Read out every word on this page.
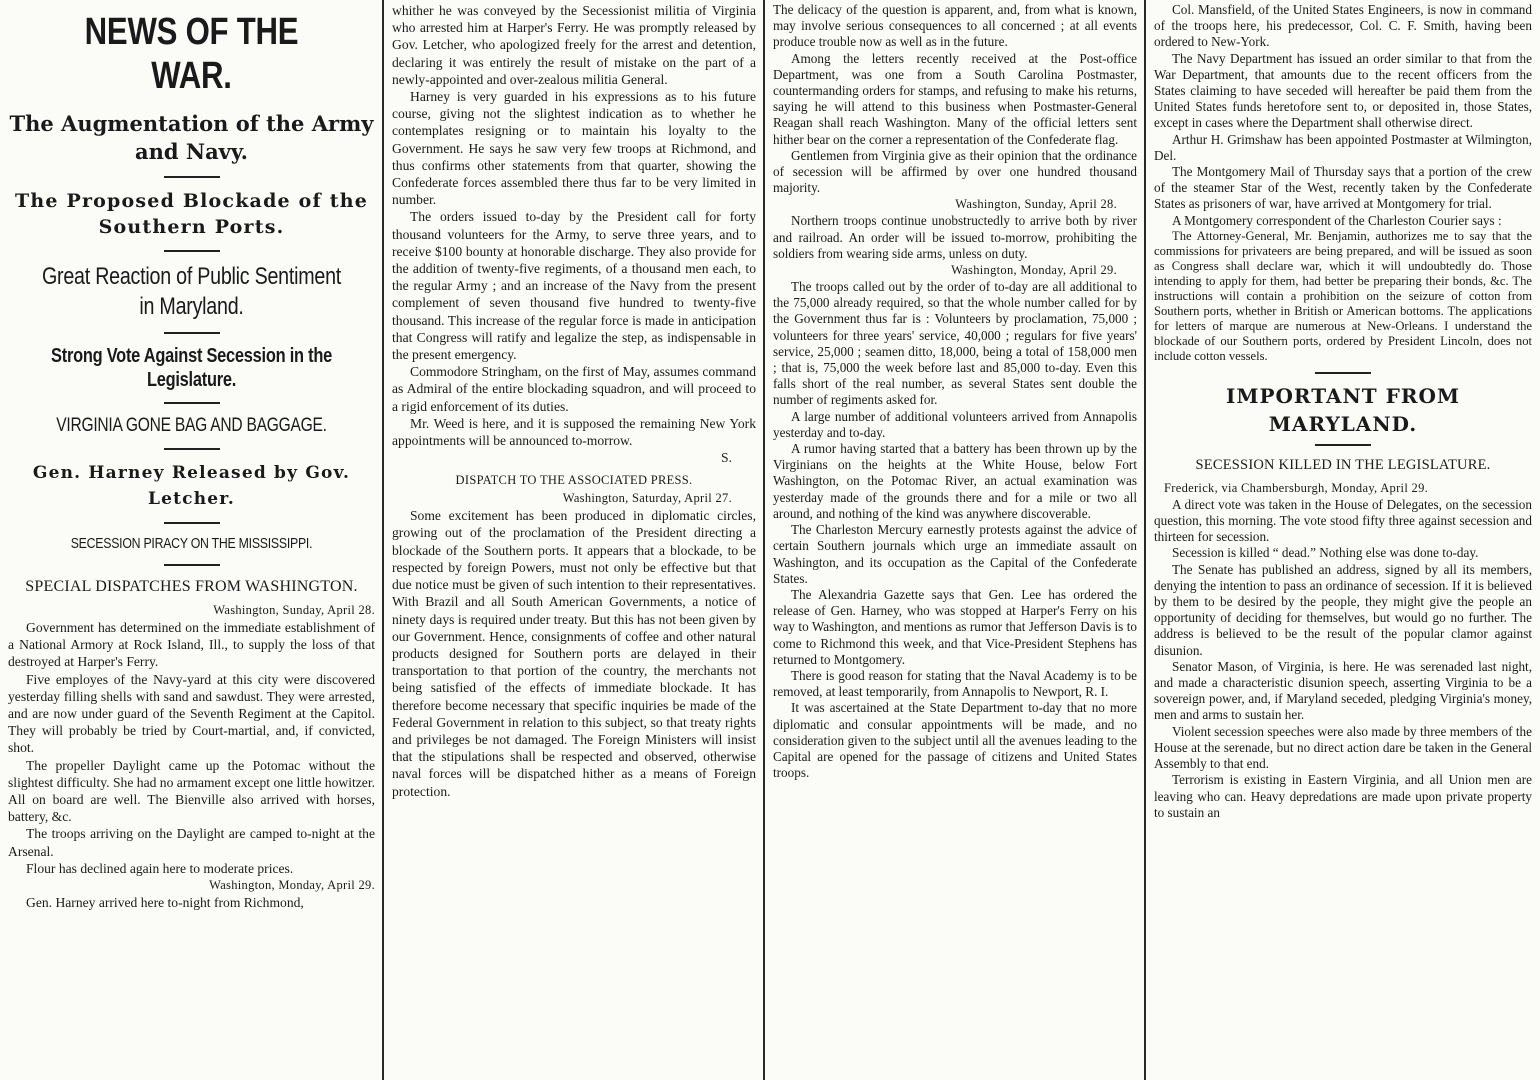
NEWS OF THE WAR.
The Augmentation of the Army and Navy.
The Proposed Blockade of the Southern Ports.
Great Reaction of Public Sentiment in Maryland.
Strong Vote Against Secession in the Legislature.
VIRGINIA GONE BAG AND BAGGAGE.
Gen. Harney Released by Gov. Letcher.
SECESSION PIRACY ON THE MISSISSIPPI.
SPECIAL DISPATCHES FROM WASHINGTON.
Washington, Sunday, April 28.

Government has determined on the immediate establishment of a National Armory at Rock Island, Ill., to supply the loss of that destroyed at Harper's Ferry.

Five employes of the Navy-yard at this city were discovered yesterday filling shells with sand and sawdust. They were arrested, and are now under guard of the Seventh Regiment at the Capitol. They will probably be tried by Court-martial, and, if convicted, shot.

The propeller Daylight came up the Potomac without the slightest difficulty. She had no armament except one little howitzer. All on board are well. The Bienville also arrived with horses, battery, &c.

The troops arriving on the Daylight are camped to-night at the Arsenal.

Flour has declined again here to moderate prices.

Washington, Monday, April 29.

Gen. Harney arrived here to-night from Richmond,

whither he was conveyed by the Secessionist militia of Virginia who arrested him at Harper's Ferry. He was promptly released by Gov. Letcher, who apologized freely for the arrest and detention, declaring it was entirely the result of mistake on the part of a newly-appointed and over-zealous militia General.

Harney is very guarded in his expressions as to his future course, giving not the slightest indication as to whether he contemplates resigning or to maintain his loyalty to the Government. He says he saw very few troops at Richmond, and thus confirms other statements from that quarter, showing the Confederate forces assembled there thus far to be very limited in number.

The orders issued to-day by the President call for forty thousand volunteers for the Army, to serve three years, and to receive $100 bounty at honorable discharge. They also provide for the addition of twenty-five regiments, of a thousand men each, to the regular Army ; and an increase of the Navy from the present complement of seven thousand five hundred to twenty-five thousand. This increase of the regular force is made in anticipation that Congress will ratify and legalize the step, as indispensable in the present emergency.

Commodore Stringham, on the first of May, assumes command as Admiral of the entire blockading squadron, and will proceed to a rigid enforcement of its duties.

Mr. Weed is here, and it is supposed the remaining New York appointments will be announced to-morrow.

S.
DISPATCH TO THE ASSOCIATED PRESS.
Washington, Saturday, April 27.

Some excitement has been produced in diplomatic circles, growing out of the proclamation of the President directing a blockade of the Southern ports. It appears that a blockade, to be respected by foreign Powers, must not only be effective but that due notice must be given of such intention to their representatives. With Brazil and all South American Governments, a notice of ninety days is required under treaty. But this has not been given by our Government. Hence, consignments of coffee and other natural products designed for Southern ports are delayed in their transportation to that portion of the country, the merchants not being satisfied of the effects of immediate blockade. It has therefore become necessary that specific inquiries be made of the Federal Government in relation to this subject, so that treaty rights and privileges be not damaged. The Foreign Ministers will insist that the stipulations shall be respected and observed, otherwise naval forces will be dispatched hither as a means of Foreign protection.

The delicacy of the question is apparent, and, from what is known, may involve serious consequences to all concerned ; at all events produce trouble now as well as in the future.

Among the letters recently received at the Post-office Department, was one from a South Carolina Postmaster, countermanding orders for stamps, and refusing to make his returns, saying he will attend to this business when Postmaster-General Reagan shall reach Washington. Many of the official letters sent hither bear on the corner a representation of the Confederate flag.

Gentlemen from Virginia give as their opinion that the ordinance of secession will be affirmed by over one hundred thousand majority.

Washington, Sunday, April 28.

Northern troops continue unobstructedly to arrive both by river and railroad. An order will be issued to-morrow, prohibiting the soldiers from wearing side arms, unless on duty.

Washington, Monday, April 29.

The troops called out by the order of to-day are all additional to the 75,000 already required, so that the whole number called for by the Government thus far is : Volunteers by proclamation, 75,000 ; volunteers for three years' service, 40,000 ; regulars for five years' service, 25,000 ; seamen ditto, 18,000, being a total of 158,000 men ; that is, 75,000 the week before last and 85,000 to-day. Even this falls short of the real number, as several States sent double the number of regiments asked for.

A large number of additional volunteers arrived from Annapolis yesterday and to-day.

A rumor having started that a battery has been thrown up by the Virginians on the heights at the White House, below Fort Washington, on the Potomac River, an actual examination was yesterday made of the grounds there and for a mile or two all around, and nothing of the kind was anywhere discoverable.

The Charleston Mercury earnestly protests against the advice of certain Southern journals which urge an immediate assault on Washington, and its occupation as the Capital of the Confederate States.

The Alexandria Gazette says that Gen. Lee has ordered the release of Gen. Harney, who was stopped at Harper's Ferry on his way to Washington, and mentions as rumor that Jefferson Davis is to come to Richmond this week, and that Vice-President Stephens has returned to Montgomery.

There is good reason for stating that the Naval Academy is to be removed, at least temporarily, from Annapolis to Newport, R. I.

It was ascertained at the State Department to-day that no more diplomatic and consular appointments will be made, and no consideration given to the subject until all the avenues leading to the Capital are opened for the passage of citizens and United States troops.

Col. Mansfield, of the United States Engineers, is now in command of the troops here, his predecessor, Col. C. F. Smith, having been ordered to New-York.

The Navy Department has issued an order similar to that from the War Department, that amounts due to the recent officers from the States claiming to have seceded will hereafter be paid them from the United States funds heretofore sent to, or deposited in, those States, except in cases where the Department shall otherwise direct.

Arthur H. Grimshaw has been appointed Postmaster at Wilmington, Del.

The Montgomery Mail of Thursday says that a portion of the crew of the steamer Star of the West, recently taken by the Confederate States as prisoners of war, have arrived at Montgomery for trial.

A Montgomery correspondent of the Charleston Courier says :

The Attorney-General, Mr. Benjamin, authorizes me to say that the commissions for privateers are being prepared, and will be issued as soon as Congress shall declare war, which it will undoubtedly do. Those intending to apply for them, had better be preparing their bonds, &c. The instructions will contain a prohibition on the seizure of cotton from Southern ports, whether in British or American bottoms. The applications for letters of marque are numerous at New-Orleans. I understand the blockade of our Southern ports, ordered by President Lincoln, does not include cotton vessels.

IMPORTANT FROM MARYLAND.
SECESSION KILLED IN THE LEGISLATURE.
Frederick, via Chambersburgh, Monday, April 29.

A direct vote was taken in the House of Delegates, on the secession question, this morning. The vote stood fifty three against secession and thirteen for secession.

Secession is killed “ dead.” Nothing else was done to-day.

The Senate has published an address, signed by all its members, denying the intention to pass an ordinance of secession. If it is believed by them to be desired by the people, they might give the people an opportunity of deciding for themselves, but would go no further. The address is believed to be the result of the popular clamor against disunion.

Senator Mason, of Virginia, is here. He was serenaded last night, and made a characteristic disunion speech, asserting Virginia to be a sovereign power, and, if Maryland seceded, pledging Virginia's money, men and arms to sustain her.

Violent secession speeches were also made by three members of the House at the serenade, but no direct action dare be taken in the General Assembly to that end.

Terrorism is existing in Eastern Virginia, and all Union men are leaving who can. Heavy depredations are made upon private property to sustain an
